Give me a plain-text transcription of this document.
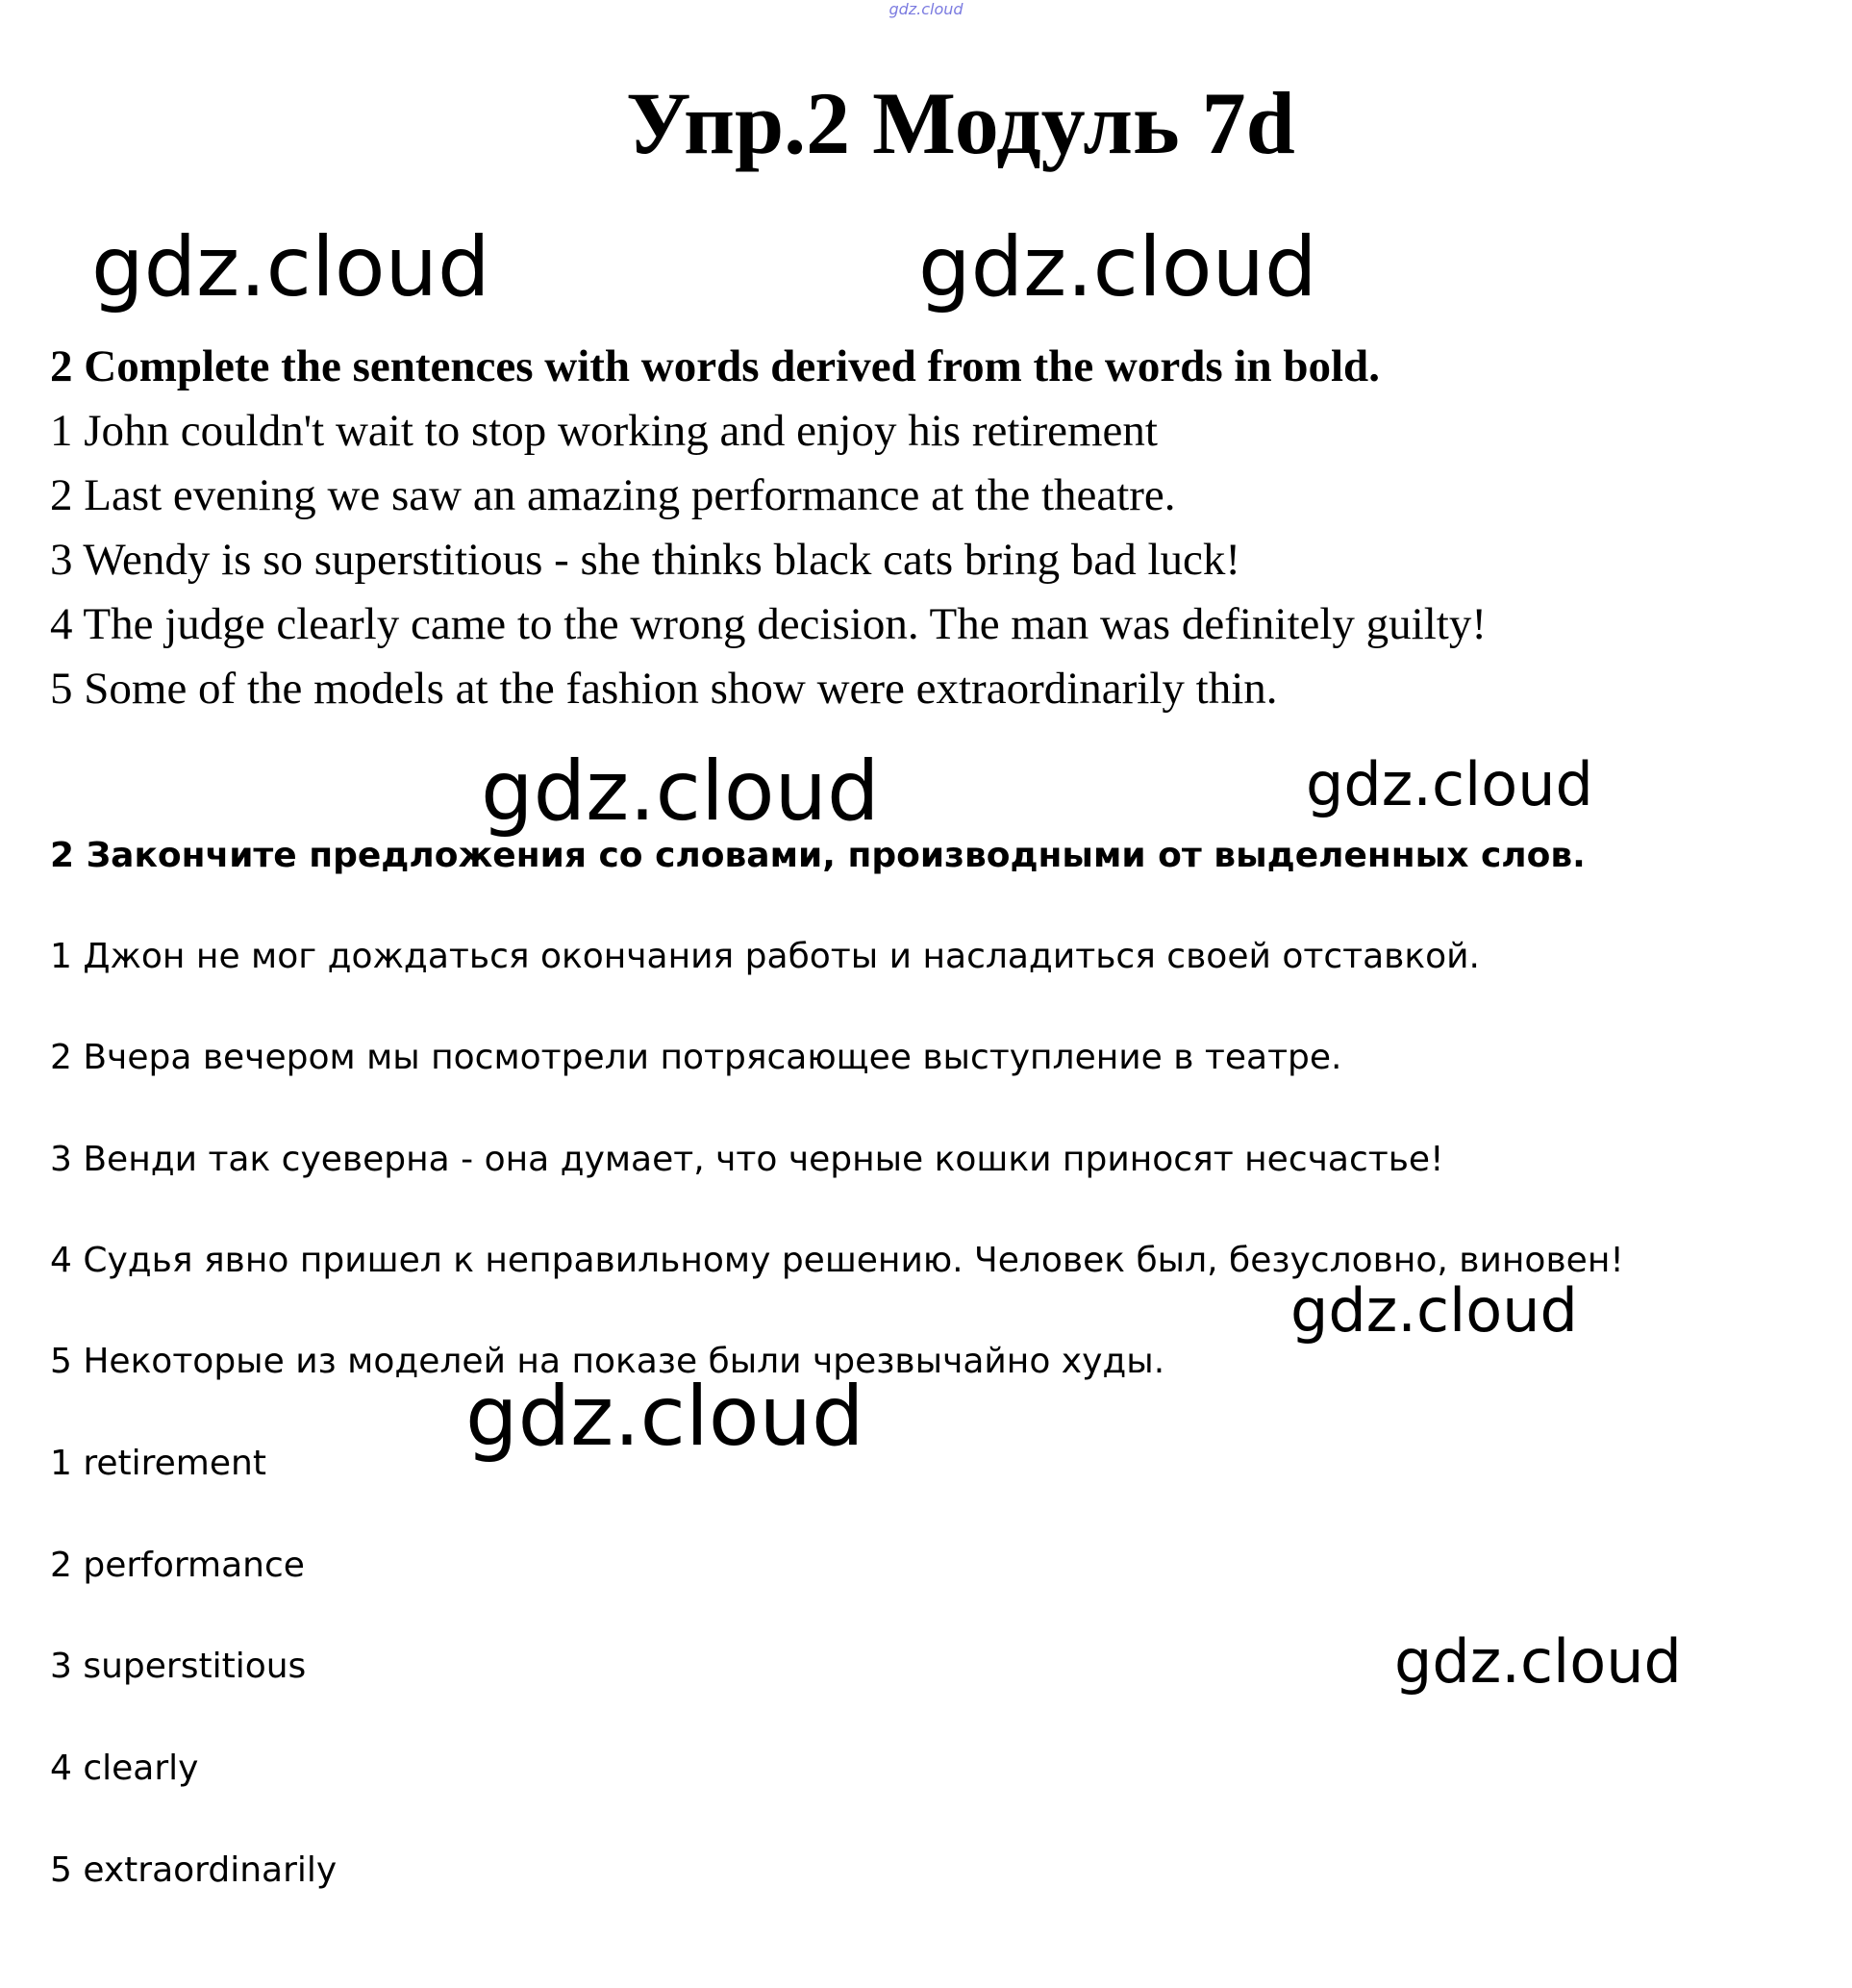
gdz.cloud
Упр.2 Модуль 7d
gdz.cloud	gdz.cloud
gdz.cloud	gdz.cloud
gdz.cloud
gdz.cloud
gdz.cloud
2 Complete the sentences with words derived from the words in bold.
1 John couldn't wait to stop working and enjoy his retirement
2 Last evening we saw an amazing performance at the theatre.
3 Wendy is so superstitious - she thinks black cats bring bad luck!
4 The judge clearly came to the wrong decision. The man was definitely guilty!
5 Some of the models at the fashion show were extraordinarily thin.
2 Закончите предложения со словами, производными от выделенных слов.
1 Джон не мог дождаться окончания работы и насладиться своей отставкой.
2 Вчера вечером мы посмотрели потрясающее выступление в театре.
3 Венди так суеверна - она думает, что черные кошки приносят несчастье!
4 Судья явно пришел к неправильному решению. Человек был, безусловно, виновен!
5 Некоторые из моделей на показе были чрезвычайно худы.
1 retirement
2 performance
3 superstitious
4 clearly
5 extraordinarily
